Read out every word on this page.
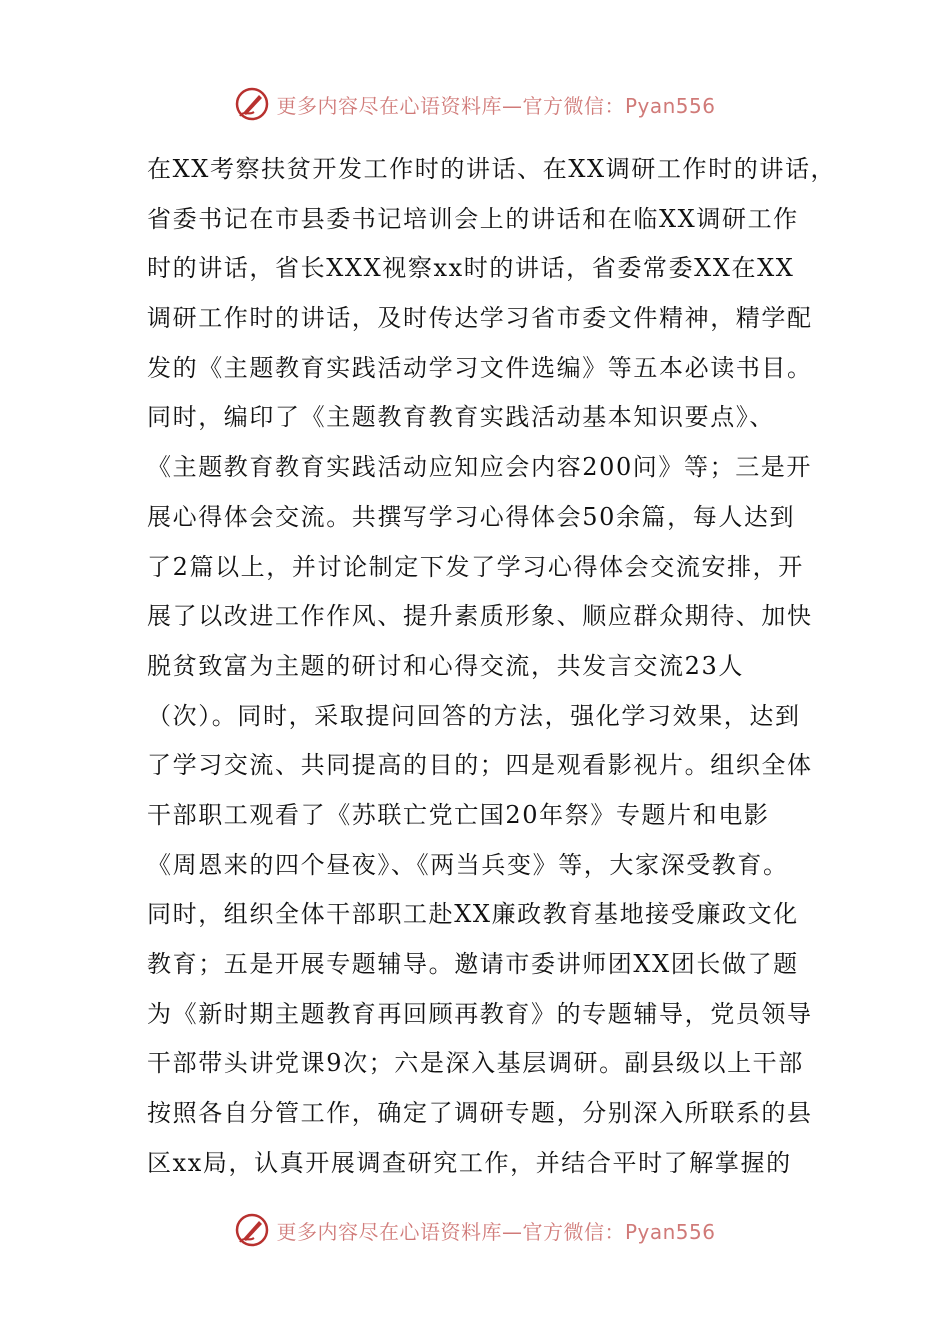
更多内容尽在心语资料库—官方微信：Pyan556
在XX考察扶贫开发工作时的讲话、在XX调研工作时的讲话，
省委书记在市县委书记培训会上的讲话和在临XX调研工作
时的讲话，省长XXX视察xx时的讲话，省委常委XX在XX
调研工作时的讲话，及时传达学习省市委文件精神，精学配
发的《主题教育实践活动学习文件选编》等五本必读书目。
同时，编印了《主题教育教育实践活动基本知识要点》、
《主题教育教育实践活动应知应会内容200问》等；三是开
展心得体会交流。共撰写学习心得体会50余篇，每人达到
了2篇以上，并讨论制定下发了学习心得体会交流安排，开
展了以改进工作作风、提升素质形象、顺应群众期待、加快
脱贫致富为主题的研讨和心得交流，共发言交流23人
（次）。同时，采取提问回答的方法，强化学习效果，达到
了学习交流、共同提高的目的；四是观看影视片。组织全体
干部职工观看了《苏联亡党亡国20年祭》专题片和电影
《周恩来的四个昼夜》、《两当兵变》等，大家深受教育。
同时，组织全体干部职工赴XX廉政教育基地接受廉政文化
教育；五是开展专题辅导。邀请市委讲师团XX团长做了题
为《新时期主题教育再回顾再教育》的专题辅导，党员领导
干部带头讲党课9次；六是深入基层调研。副县级以上干部
按照各自分管工作，确定了调研专题，分别深入所联系的县
区xx局，认真开展调查研究工作，并结合平时了解掌握的
更多内容尽在心语资料库—官方微信：Pyan556
